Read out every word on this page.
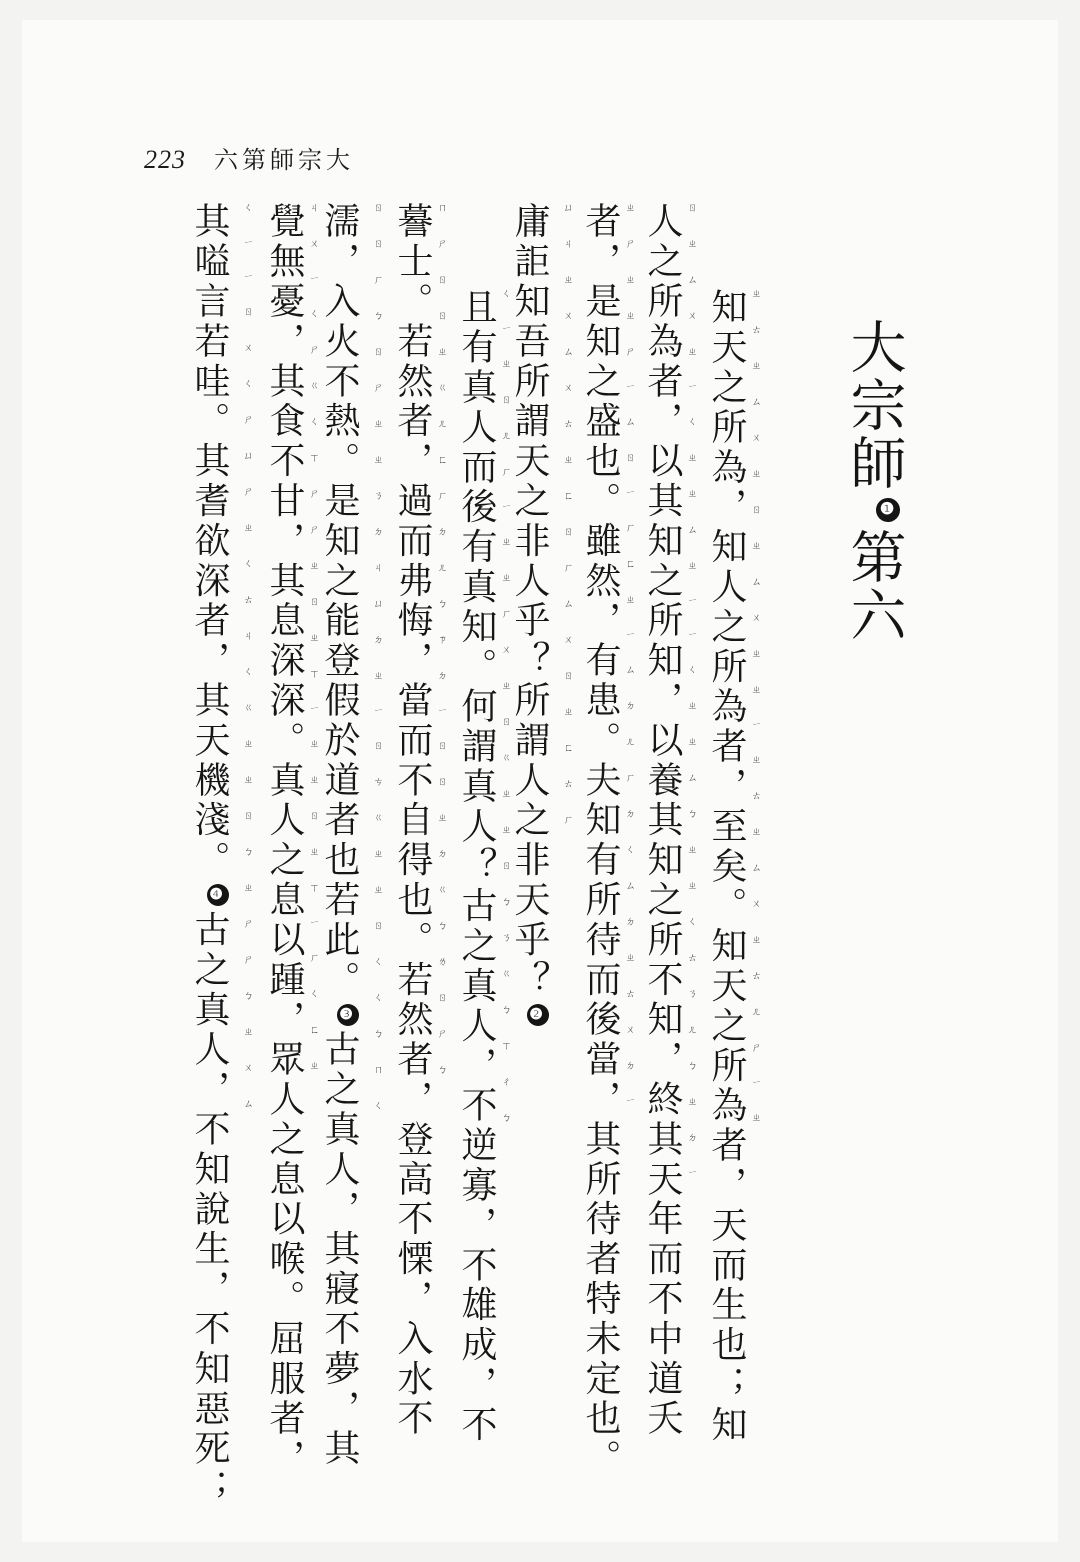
223 六第師宗大
大宗師❶第六
知天之所為，知人之所為者，至矣。知天之所為者，天而生也；知 ㄓㄊㄓㄙㄨㄓㄖㄓㄙㄨㄓㄓㄧㄓㄊㄓㄙㄨㄓㄊㄦㄕㄧㄓ
人之所為者，以其知之所知，以養其知之所不知，終其天年而不中道夭 ㄖㄓㄙㄨㄓㄧㄑㄓㄓㄙㄓㄧㄧㄑㄓㄓㄙㄅㄓㄓㄑㄊㄋㄦㄅㄓㄉㄧ
者，是知之盛也。雖然，有患。夫知有所待而後當，其所待者特未定也。 ㄓㄕㄓㄓㄕㄧㄙㄖㄧㄏㄈㄓㄧㄙㄉㄦㄏㄉㄑㄙㄉㄓㄊㄨㄉㄧ
庸詎知吾所謂天之非人乎？所謂人之非天乎？❷
ㄩㄐㄓㄨㄙㄨㄊㄓㄈㄖㄏㄙㄨㄖㄓㄈㄊㄏ
且有真人而後有真知。何謂真人？古之真人，不逆寡，不雄成，不 ㄑㄧㄓㄖㄦㄏㄧㄓㄓㄏㄨㄓㄖㄍㄓㄓㄖㄅㄋㄍㄅㄒㄔㄅ
謩士。若然者，過而弗悔，當而不自得也。若然者，登高不慄，入水不 ㄇㄕㄖㄖㄓㄍㄦㄈㄏㄉㄦㄅㄗㄉㄧㄖㄖㄓㄉㄍㄅㄌㄖㄕㄅ
濡，入火不熱。是知之能登假於道者也若此。❸古之真人，其寢不夢，其
ㄖㄖㄏㄅㄖㄕㄓㄓㄋㄉㄐㄩㄉㄓㄧㄖㄘㄍㄓㄓㄖㄑㄑㄅㄇㄑ
覺無憂，其食不甘，其息深深。真人之息以踵，眾人之息以喉。屈服者， ㄐㄨㄧㄑㄕㄍㄑㄒㄕㄕㄓㄖㄓㄒㄧㄓㄓㄖㄓㄒㄧㄏㄑㄈㄓ
其嗌言若哇。其耆欲深者，其天機淺。❹古之真人，不知說生，不知惡死；
ㄑㄧㄧㄖㄨㄑㄕㄩㄕㄓㄑㄊㄐㄑㄍㄓㄓㄖㄅㄓㄕㄕㄅㄓㄨㄙ
